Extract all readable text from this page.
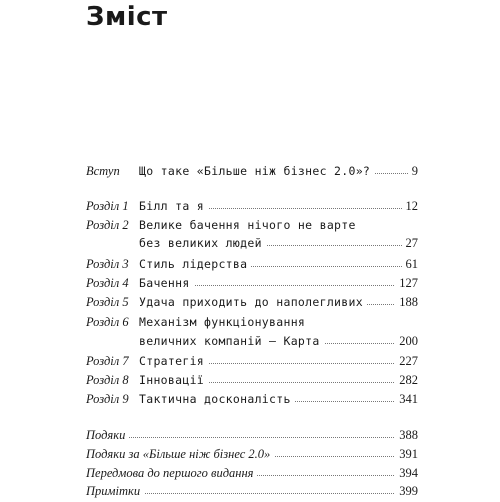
Зміст
Вступ Що таке «Більше ніж бізнес 2.0»?	9
Розділ 1 Білл та я	12
Розділ 2 Велике бачення нічого не варте
без великих людей	27
Розділ 3 Стиль лідерства	61
Розділ 4 Бачення	127
Розділ 5 Удача приходить до наполегливих	188
Розділ 6 Механізм функціонування
величних компаній — Карта	200
Розділ 7 Стратегія	227
Розділ 8 Інновації	282
Розділ 9 Тактична досконалість	341
Подяки	388
Подяки за «Більше ніж бізнес 2.0»	391
Передмова до першого видання	394
Примітки	399
